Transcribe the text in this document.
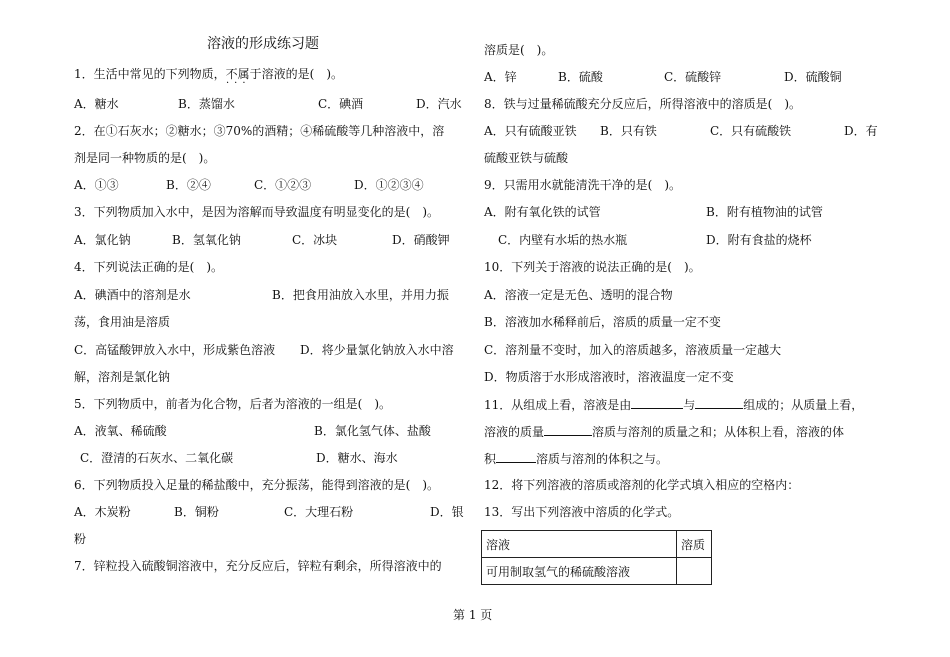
溶液的形成练习题
1．生活中常见的下列物质，不属于溶液的是(　)。
···
A．糖水	B．蒸馏水	C．碘酒	D．汽水
2．在①石灰水；②糖水；③70%的酒精；④稀硫酸等几种溶液中，溶
剂是同一种物质的是(　)。
A．①③	B．②④	C．①②③	D．①②③④
3．下列物质加入水中，是因为溶解而导致温度有明显变化的是(　)。
A．氯化钠	B．氢氧化钠	C．冰块	D．硝酸钾
4．下列说法正确的是(　)。
A．碘酒中的溶剂是水	B．把食用油放入水里，并用力振
荡，食用油是溶质
C．高锰酸钾放入水中，形成紫色溶液 D．将少量氯化钠放入水中溶
解，溶剂是氯化钠
5．下列物质中，前者为化合物，后者为溶液的一组是(　)。
A．液氧、稀硫酸	B．氯化氢气体、盐酸
C．澄清的石灰水、二氧化碳	D．糖水、海水
6．下列物质投入足量的稀盐酸中，充分振荡，能得到溶液的是(　)。
A．木炭粉	B．铜粉	C．大理石粉	D．银
粉
7．锌粒投入硫酸铜溶液中，充分反应后，锌粒有剩余，所得溶液中的
溶质是(　)。
A．锌	B．硫酸	C．硫酸锌	D．硫酸铜
8．铁与过量稀硫酸充分反应后，所得溶液中的溶质是(　)。
A．只有硫酸亚铁 B．只有铁	C．只有硫酸铁	D．有
硫酸亚铁与硫酸
9．只需用水就能清洗干净的是(　)。
A．附有氧化铁的试管	B．附有植物油的试管
C．内壁有水垢的热水瓶	D．附有食盐的烧杯
10．下列关于溶液的说法正确的是(　)。
A．溶液一定是无色、透明的混合物
B．溶液加水稀释前后，溶质的质量一定不变
C．溶剂量不变时，加入的溶质越多，溶液质量一定越大
D．物质溶于水形成溶液时，溶液温度一定不变
11．从组成上看，溶液是由	与	组成的；从质量上看，
溶液的质量	溶质与溶剂的质量之和；从体积上看，溶液的体
积	溶质与溶剂的体积之与。
12．将下列溶液的溶质或溶剂的化学式填入相应的空格内：
13．写出下列溶液中溶质的化学式。
溶液	溶质
可用制取氢气的稀硫酸溶液	
第 1 页
